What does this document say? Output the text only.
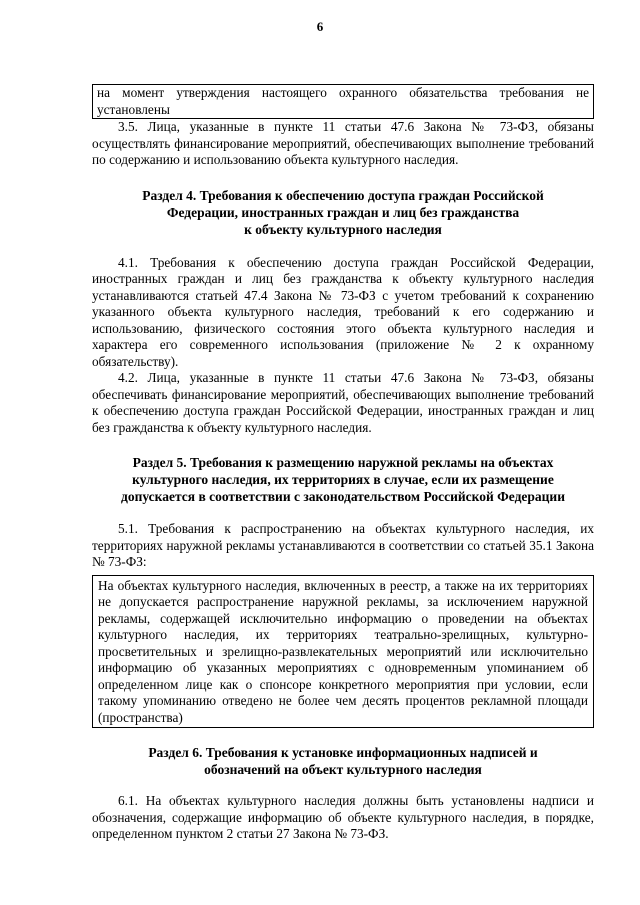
6
на момент утверждения настоящего охранного обязательства требования не установлены

3.5. Лица, указанные в пункте 11 статьи 47.6 Закона № 73-ФЗ, обязаны осуществлять финансирование мероприятий, обеспечивающих выполнение требований по содержанию и использованию объекта культурного наследия.

Раздел 4. Требования к обеспечению доступа граждан Российской
Федерации, иностранных граждан и лиц без гражданства
к объекту культурного наследия

4.1. Требования к обеспечению доступа граждан Российской Федерации, иностранных граждан и лиц без гражданства к объекту культурного наследия устанавливаются статьей 47.4 Закона № 73-ФЗ с учетом требований к сохранению указанного объекта культурного наследия, требований к его содержанию и использованию, физического состояния этого объекта культурного наследия и характера его современного использования (приложение № 2 к охранному обязательству).

4.2. Лица, указанные в пункте 11 статьи 47.6 Закона № 73-ФЗ, обязаны обеспечивать финансирование мероприятий, обеспечивающих выполнение требований к обеспечению доступа граждан Российской Федерации, иностранных граждан и лиц без гражданства к объекту культурного наследия.

Раздел 5. Требования к размещению наружной рекламы на объектах
культурного наследия, их территориях в случае, если их размещение
допускается в соответствии с законодательством Российской Федерации

5.1. Требования к распространению на объектах культурного наследия, их территориях наружной рекламы устанавливаются в соответствии со статьей 35.1 Закона № 73-ФЗ:

На объектах культурного наследия, включенных в реестр, а также на их территориях не допускается распространение наружной рекламы, за исключением наружной рекламы, содержащей исключительно информацию о проведении на объектах культурного наследия, их территориях театрально-зрелищных, культурно-просветительных и зрелищно-развлекательных мероприятий или исключительно информацию об указанных мероприятиях с одновременным упоминанием об определенном лице как о спонсоре конкретного мероприятия при условии, если такому упоминанию отведено не более чем десять процентов рекламной площади (пространства)
Раздел 6. Требования к установке информационных надписей и
обозначений на объект культурного наследия

6.1. На объектах культурного наследия должны быть установлены надписи и обозначения, содержащие информацию об объекте культурного наследия, в порядке, определенном пунктом 2 статьи 27 Закона № 73-ФЗ.
